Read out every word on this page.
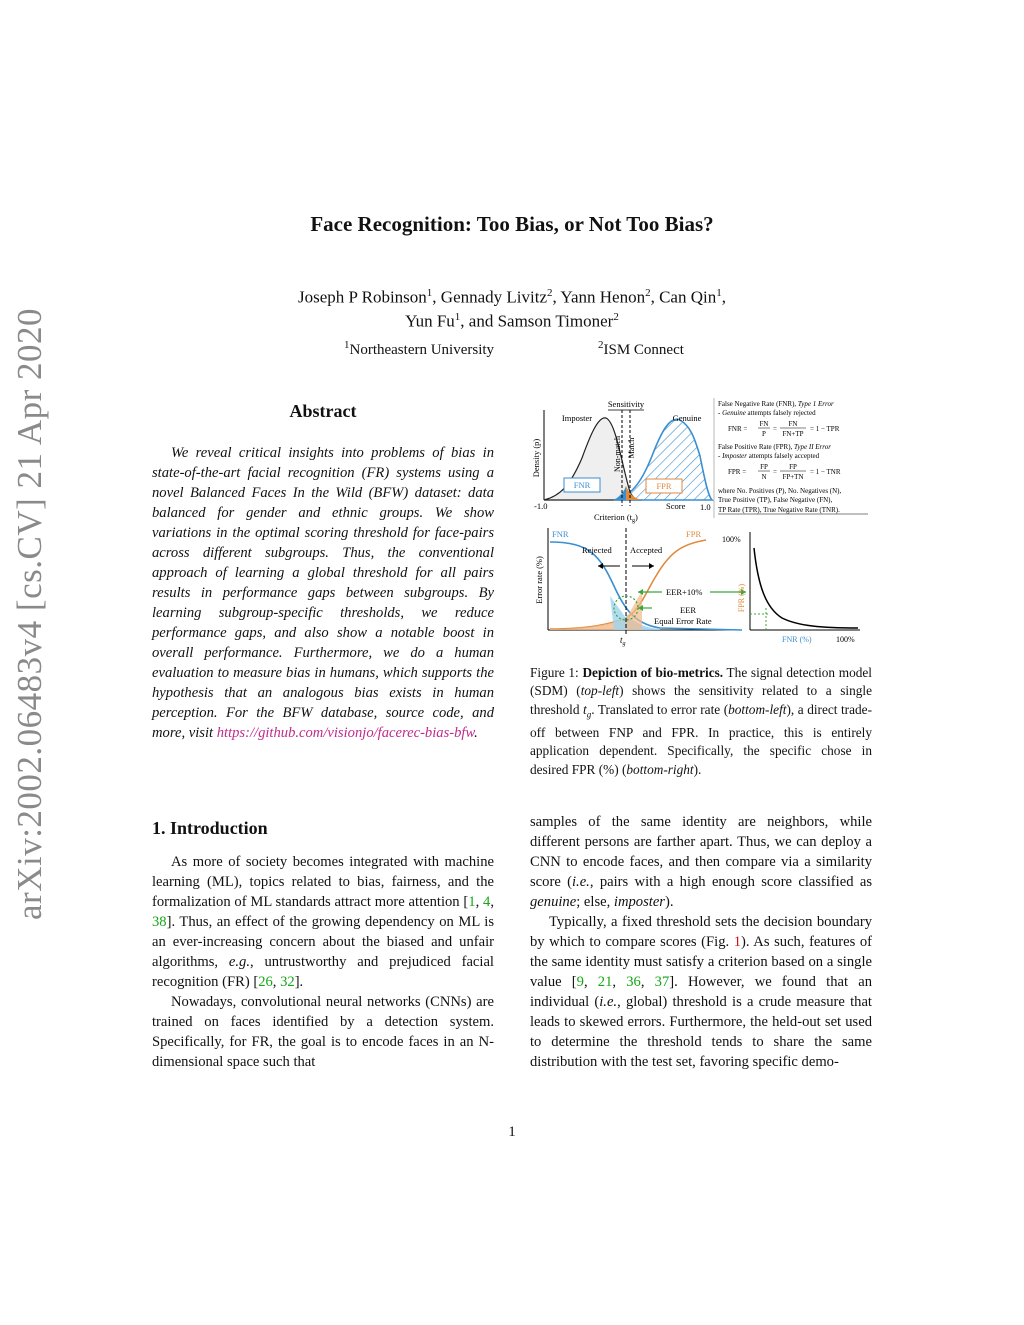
arXiv:2002.06483v4 [cs.CV] 21 Apr 2020
Face Recognition: Too Bias, or Not Too Bias?
Joseph P Robinson$^1$, Gennady Livitz$^2$, Yann Henon$^2$, Can Qin$^1$,
Yun Fu$^1$, and Samson Timoner$^2$
$^1$Northeastern University	$^2$ISM Connect
Abstract

We reveal critical insights into problems of bias in state-of-the-art facial recognition (FR) systems using a novel Balanced Faces In the Wild (BFW) dataset: data balanced for gender and ethnic groups. We show variations in the optimal scoring threshold for face-pairs across different subgroups. Thus, the conventional approach of learning a global threshold for all pairs results in performance gaps between subgroups. By learning subgroup-specific thresholds, we reduce performance gaps, and also show a notable boost in overall performance. Furthermore, we do a human evaluation to measure bias in humans, which supports the hypothesis that an analogous bias exists in human perception. For the BFW database, source code, and more, visit https://github.com/visionjo/facerec-bias-bfw.

1. Introduction

As more of society becomes integrated with machine learning (ML), topics related to bias, fairness, and the formalization of ML standards attract more attention [1, 4, 38]. Thus, an effect of the growing dependency on ML is an ever-increasing concern about the biased and unfair algorithms, e.g., untrustworthy and prejudiced facial recognition (FR) [26, 32].

Nowadays, convolutional neural networks (CNNs) are trained on faces identified by a detection system. Specifically, for FR, the goal is to encode faces in an N-dimensional space such that

samples of the same identity are neighbors, while different persons are farther apart. Thus, we can deploy a CNN to encode faces, and then compare via a similarity score (i.e., pairs with a high enough score classified as genuine; else, imposter).

Typically, a fixed threshold sets the decision boundary by which to compare scores (Fig. 1). As such, features of the same identity must satisfy a criterion based on a single value [9, 21, 36, 37]. However, we found that an individual (i.e., global) threshold is a crude measure that leads to skewed errors. Furthermore, the held-out set used to determine the threshold tends to share the same distribution with the test set, favoring specific demo-

Sensitivity
Imposter	Genuine
Non-match Match
Density (p)
FNR	FPR
-1.0	1.0
Score
Criterion $(t_g)$
False Negative Rate (FNR), Type 1 Error
- Genuine attempts falsely rejected
FNR =
FN
P
=
FN
FN+TP
= 1 − TPR
False Positive Rate (FPR), Type II Error
- Imposter attempts falsely accepted
FPR =
FP
N
=
FP
FP+TN
= 1 − TNR
where No. Positives (P), No. Negatives (N),
True Positive (TP), False Negative (FN),
TP Rate (TPR), True Negative Rate (TNR).
FNR	FPR
Rejected Accepted
Error rate (%)	EER+10%
EER
Equal Error Rate
$t_g$
100%
FPR (%)
FNR (%)	100%
Figure 1: Depiction of bio-metrics. The signal detection model (SDM) (top-left) shows the sensitivity related to a single threshold $t_g$. Translated to error rate (bottom-left), a direct trade-off between FNP and FPR. In practice, this is entirely application dependent. Specifically, the specific chose in desired FPR (%) (bottom-right).
1
